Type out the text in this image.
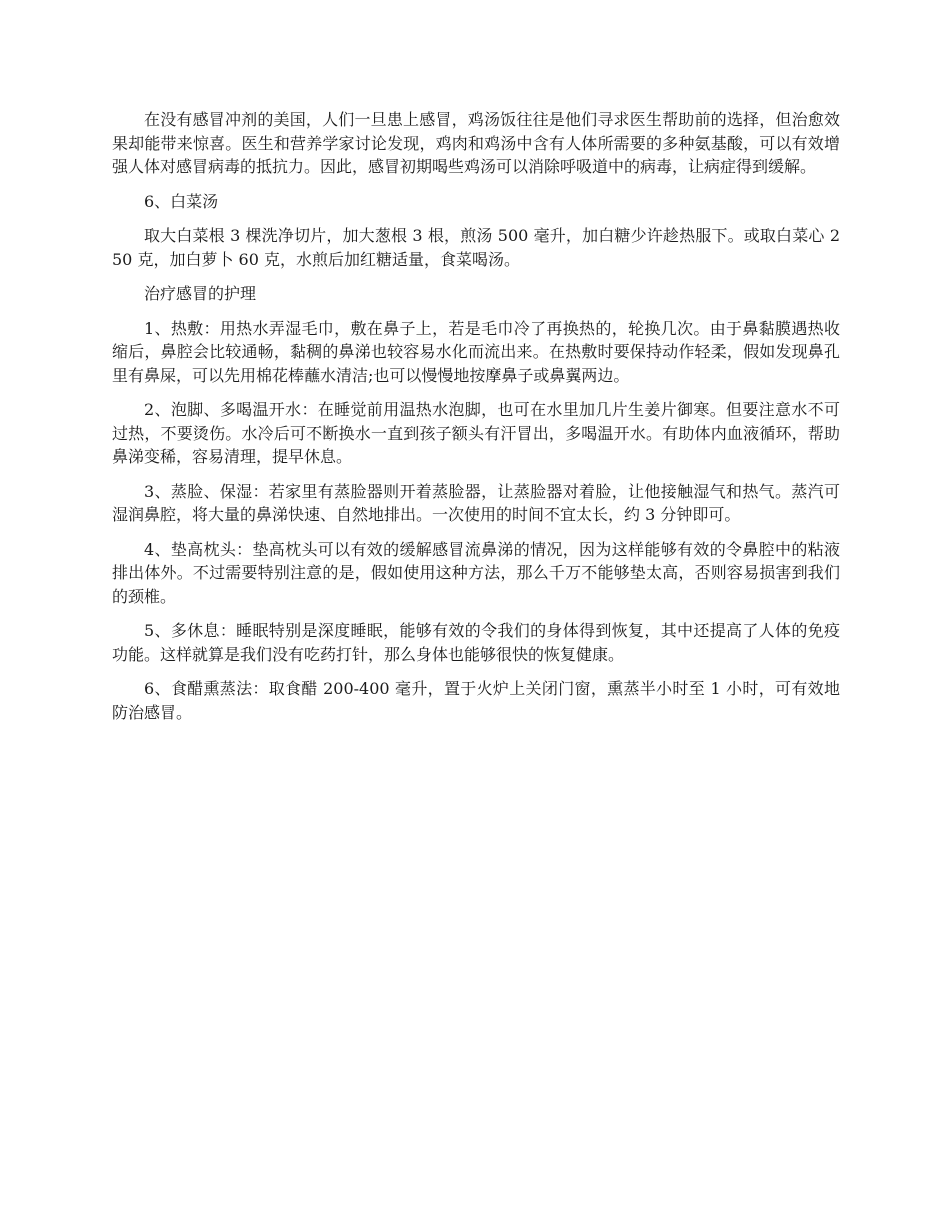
在没有感冒冲剂的美国，人们一旦患上感冒，鸡汤饭往往是他们寻求医生帮助前的选择，但治愈效果却能带来惊喜。医生和营养学家讨论发现，鸡肉和鸡汤中含有人体所需要的多种氨基酸，可以有效增强人体对感冒病毒的抵抗力。因此，感冒初期喝些鸡汤可以消除呼吸道中的病毒，让病症得到缓解。

6、白菜汤

取大白菜根 3 棵洗净切片，加大葱根 3 根，煎汤 500 毫升，加白糖少许趁热服下。或取白菜心 250 克，加白萝卜 60 克，水煎后加红糖适量，食菜喝汤。

治疗感冒的护理

1、热敷：用热水弄湿毛巾，敷在鼻子上，若是毛巾冷了再换热的，轮换几次。由于鼻黏膜遇热收缩后，鼻腔会比较通畅，黏稠的鼻涕也较容易水化而流出来。在热敷时要保持动作轻柔，假如发现鼻孔里有鼻屎，可以先用棉花棒蘸水清洁;也可以慢慢地按摩鼻子或鼻翼两边。

2、泡脚、多喝温开水：在睡觉前用温热水泡脚，也可在水里加几片生姜片御寒。但要注意水不可过热，不要烫伤。水冷后可不断换水一直到孩子额头有汗冒出，多喝温开水。有助体内血液循环，帮助鼻涕变稀，容易清理，提早休息。

3、蒸脸、保湿：若家里有蒸脸器则开着蒸脸器，让蒸脸器对着脸，让他接触湿气和热气。蒸汽可湿润鼻腔，将大量的鼻涕快速、自然地排出。一次使用的时间不宜太长，约 3 分钟即可。

4、垫高枕头：垫高枕头可以有效的缓解感冒流鼻涕的情况，因为这样能够有效的令鼻腔中的粘液排出体外。不过需要特别注意的是，假如使用这种方法，那么千万不能够垫太高，否则容易损害到我们的颈椎。

5、多休息：睡眠特别是深度睡眠，能够有效的令我们的身体得到恢复，其中还提高了人体的免疫功能。这样就算是我们没有吃药打针，那么身体也能够很快的恢复健康。

6、食醋熏蒸法：取食醋 200-400 毫升，置于火炉上关闭门窗，熏蒸半小时至 1 小时，可有效地防治感冒。
